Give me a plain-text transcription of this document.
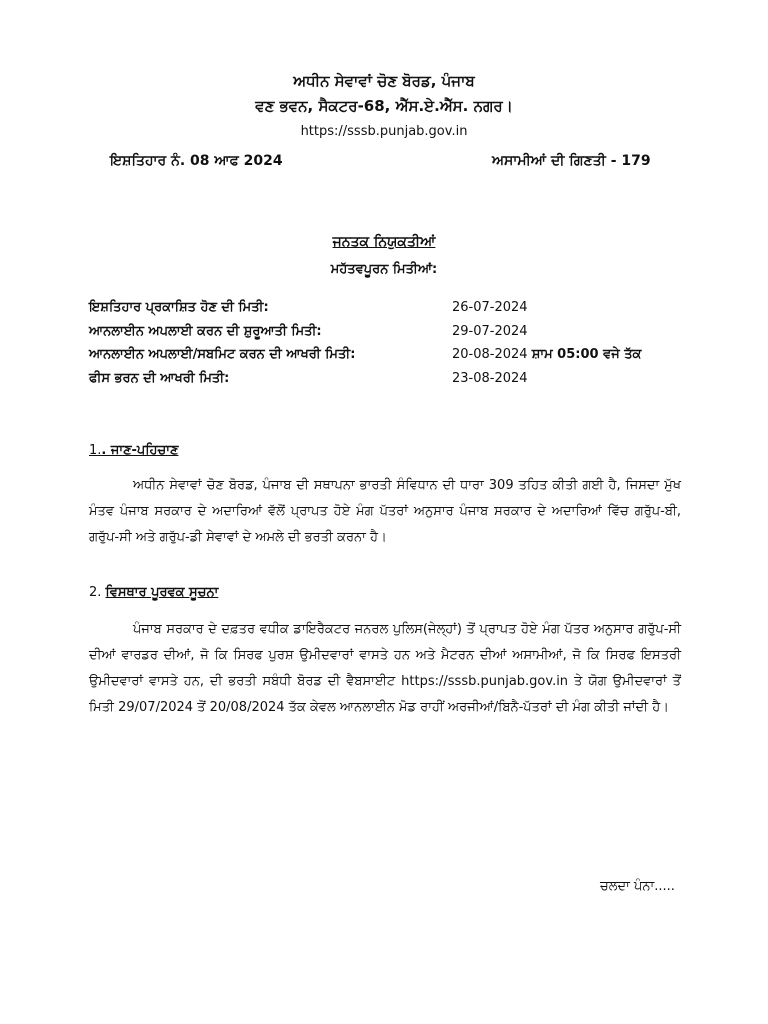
ਅਧੀਨ ਸੇਵਾਵਾਂ ਚੋਣ ਬੋਰਡ, ਪੰਜਾਬ
ਵਣ ਭਵਨ, ਸੈਕਟਰ-68, ਐੱਸ.ਏ.ਐੱਸ. ਨਗਰ।
https://sssb.punjab.gov.in
ਇਸ਼ਤਿਹਾਰ ਨੰ. 08 ਆਫ 2024	ਅਸਾਮੀਆਂ ਦੀ ਗਿਣਤੀ - 179
ਜਨਤਕ ਨਿਯੁਕਤੀਆਂ
ਮਹੱਤਵਪੂਰਨ ਮਿਤੀਆਂ:
ਇਸ਼ਤਿਹਾਰ ਪ੍ਰਕਾਸ਼ਿਤ ਹੋਣ ਦੀ ਮਿਤੀ:	26-07-2024
ਆਨਲਾਈਨ ਅਪਲਾਈ ਕਰਨ ਦੀ ਸ਼ੁਰੂਆਤੀ ਮਿਤੀ:	29-07-2024
ਆਨਲਾਈਨ ਅਪਲਾਈ/ਸਬਮਿਟ ਕਰਨ ਦੀ ਆਖਰੀ ਮਿਤੀ:	20-08-2024 ਸ਼ਾਮ 05:00 ਵਜੇ ਤੱਕ
ਫੀਸ ਭਰਨ ਦੀ ਆਖਰੀ ਮਿਤੀ:	23-08-2024
1.. ਜਾਣ-ਪਹਿਚਾਣ
ਅਧੀਨ ਸੇਵਾਵਾਂ ਚੋਣ ਬੋਰਡ, ਪੰਜਾਬ ਦੀ ਸਥਾਪਨਾ ਭਾਰਤੀ ਸੰਵਿਧਾਨ ਦੀ ਧਾਰਾ 309 ਤਹਿਤ ਕੀਤੀ ਗਈ ਹੈ, ਜਿਸਦਾ ਮੁੱਖ ਮੰਤਵ ਪੰਜਾਬ ਸਰਕਾਰ ਦੇ ਅਦਾਰਿਆਂ ਵੱਲੋਂ ਪ੍ਰਾਪਤ ਹੋਏ ਮੰਗ ਪੱਤਰਾਂ ਅਨੁਸਾਰ ਪੰਜਾਬ ਸਰਕਾਰ ਦੇ ਅਦਾਰਿਆਂ ਵਿੱਚ ਗਰੁੱਪ-ਬੀ, ਗਰੁੱਪ-ਸੀ ਅਤੇ ਗਰੁੱਪ-ਡੀ ਸੇਵਾਵਾਂ ਦੇ ਅਮਲੇ ਦੀ ਭਰਤੀ ਕਰਨਾ ਹੈ।
2. ਵਿਸਥਾਰ ਪੂਰਵਕ ਸੂਚਨਾ
ਪੰਜਾਬ ਸਰਕਾਰ ਦੇ ਦਫ਼ਤਰ ਵਧੀਕ ਡਾਇਰੈਕਟਰ ਜਨਰਲ ਪੁਲਿਸ(ਜੇਲ੍ਹਾਂ) ਤੋਂ ਪ੍ਰਾਪਤ ਹੋਏ ਮੰਗ ਪੱਤਰ ਅਨੁਸਾਰ ਗਰੁੱਪ-ਸੀ ਦੀਆਂ ਵਾਰਡਰ ਦੀਆਂ, ਜੋ ਕਿ ਸਿਰਫ ਪੁਰਸ਼ ਉਮੀਦਵਾਰਾਂ ਵਾਸਤੇ ਹਨ ਅਤੇ ਮੈਟਰਨ ਦੀਆਂ ਅਸਾਮੀਆਂ, ਜੋ ਕਿ ਸਿਰਫ ਇਸਤਰੀ ਉਮੀਦਵਾਰਾਂ ਵਾਸਤੇ ਹਨ, ਦੀ ਭਰਤੀ ਸਬੰਧੀ ਬੋਰਡ ਦੀ ਵੈਬਸਾਈਟ https://sssb.punjab.gov.in ਤੇ ਯੋਗ ਉਮੀਦਵਾਰਾਂ ਤੋਂ ਮਿਤੀ 29/07/2024 ਤੋਂ 20/08/2024 ਤੱਕ ਕੇਵਲ ਆਨਲਾਈਨ ਮੋਡ ਰਾਹੀਂ ਅਰਜੀਆਂ/ਬਿਨੈ-ਪੱਤਰਾਂ ਦੀ ਮੰਗ ਕੀਤੀ ਜਾਂਦੀ ਹੈ।
ਚਲਦਾ ਪੰਨਾ.....
